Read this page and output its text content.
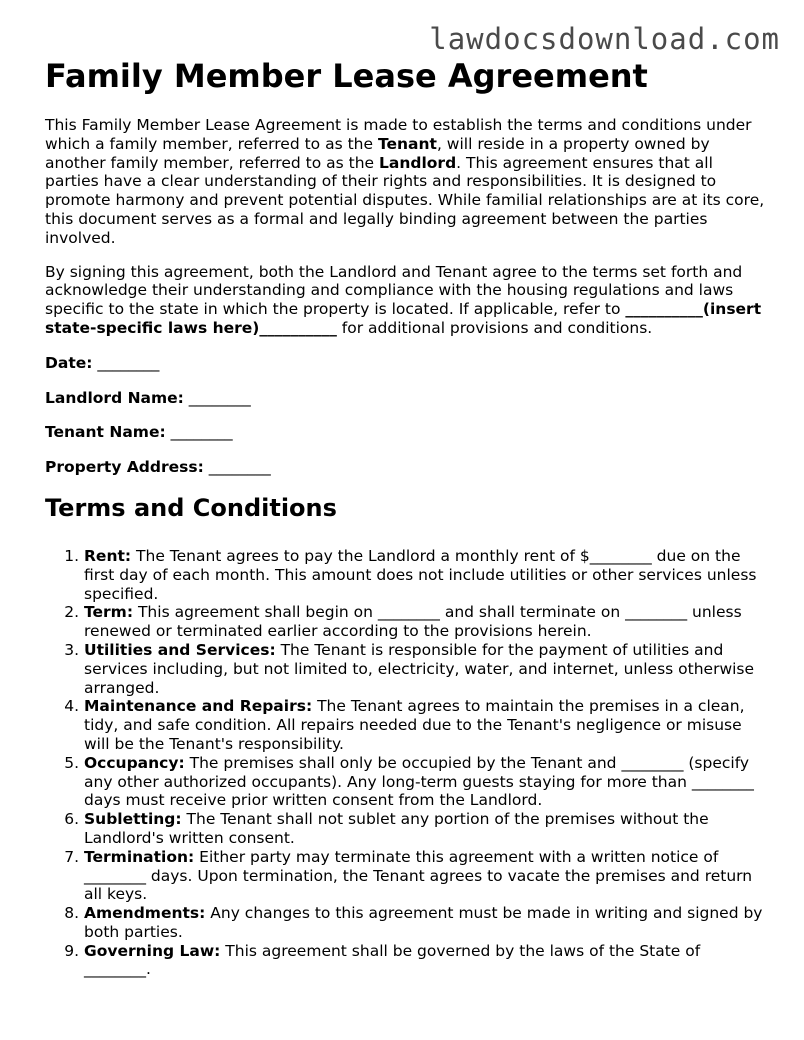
lawdocsdownload.com
Family Member Lease Agreement

This Family Member Lease Agreement is made to establish the terms and conditions under which a family member, referred to as the Tenant, will reside in a property owned by another family member, referred to as the Landlord. This agreement ensures that all parties have a clear understanding of their rights and responsibilities. It is designed to promote harmony and prevent potential disputes. While familial relationships are at its core, this document serves as a formal and legally binding agreement between the parties involved.

By signing this agreement, both the Landlord and Tenant agree to the terms set forth and acknowledge their understanding and compliance with the housing regulations and laws specific to the state in which the property is located. If applicable, refer to __________(insert state-specific laws here)__________ for additional provisions and conditions.

Date: ________
Landlord Name: ________
Tenant Name: ________
Property Address: ________
Terms and Conditions
1. Rent: The Tenant agrees to pay the Landlord a monthly rent of $________ due on the first day of each month. This amount does not include utilities or other services unless specified.
2. Term: This agreement shall begin on ________ and shall terminate on ________ unless renewed or terminated earlier according to the provisions herein.
3. Utilities and Services: The Tenant is responsible for the payment of utilities and services including, but not limited to, electricity, water, and internet, unless otherwise arranged.
4. Maintenance and Repairs: The Tenant agrees to maintain the premises in a clean, tidy, and safe condition. All repairs needed due to the Tenant's negligence or misuse will be the Tenant's responsibility.
5. Occupancy: The premises shall only be occupied by the Tenant and ________ (specify any other authorized occupants). Any long-term guests staying for more than ________ days must receive prior written consent from the Landlord.
6. Subletting: The Tenant shall not sublet any portion of the premises without the Landlord's written consent.
7. Termination: Either party may terminate this agreement with a written notice of ________ days. Upon termination, the Tenant agrees to vacate the premises and return all keys.
8. Amendments: Any changes to this agreement must be made in writing and signed by both parties.
9. Governing Law: This agreement shall be governed by the laws of the State of ________.
